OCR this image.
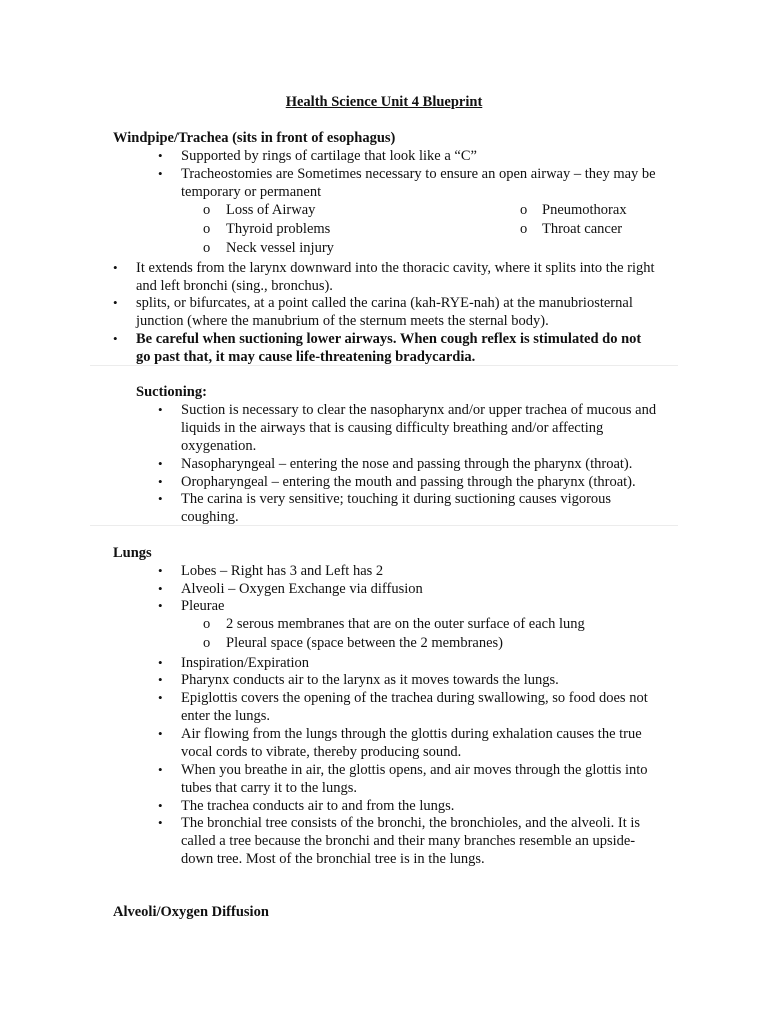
Health Science Unit 4 Blueprint
Windpipe/Trachea (sits in front of esophagus)
• Supported by rings of cartilage that look like a “C”
• Tracheostomies are Sometimes necessary to ensure an open airway – they may be
temporary or permanent
o Loss of Airway	o Pneumothorax
o Thyroid problems	o Throat cancer
o Neck vessel injury
• It extends from the larynx downward into the thoracic cavity, where it splits into the right
and left bronchi (sing., bronchus).
• splits, or bifurcates, at a point called the carina (kah-RYE-nah) at the manubriosternal
junction (where the manubrium of the sternum meets the sternal body).
• Be careful when suctioning lower airways. When cough reflex is stimulated do not
go past that, it may cause life-threatening bradycardia.
Suctioning:
• Suction is necessary to clear the nasopharynx and/or upper trachea of mucous and
liquids in the airways that is causing difficulty breathing and/or affecting
oxygenation.
• Nasopharyngeal – entering the nose and passing through the pharynx (throat).
• Oropharyngeal – entering the mouth and passing through the pharynx (throat).
• The carina is very sensitive; touching it during suctioning causes vigorous
coughing.
Lungs
• Lobes – Right has 3 and Left has 2
• Alveoli – Oxygen Exchange via diffusion
• Pleurae
o 2 serous membranes that are on the outer surface of each lung
o Pleural space (space between the 2 membranes)
• Inspiration/Expiration
• Pharynx conducts air to the larynx as it moves towards the lungs.
• Epiglottis covers the opening of the trachea during swallowing, so food does not
enter the lungs.
• Air flowing from the lungs through the glottis during exhalation causes the true
vocal cords to vibrate, thereby producing sound.
• When you breathe in air, the glottis opens, and air moves through the glottis into
tubes that carry it to the lungs.
• The trachea conducts air to and from the lungs.
• The bronchial tree consists of the bronchi, the bronchioles, and the alveoli. It is
called a tree because the bronchi and their many branches resemble an upside-
down tree. Most of the bronchial tree is in the lungs.
Alveoli/Oxygen Diffusion
